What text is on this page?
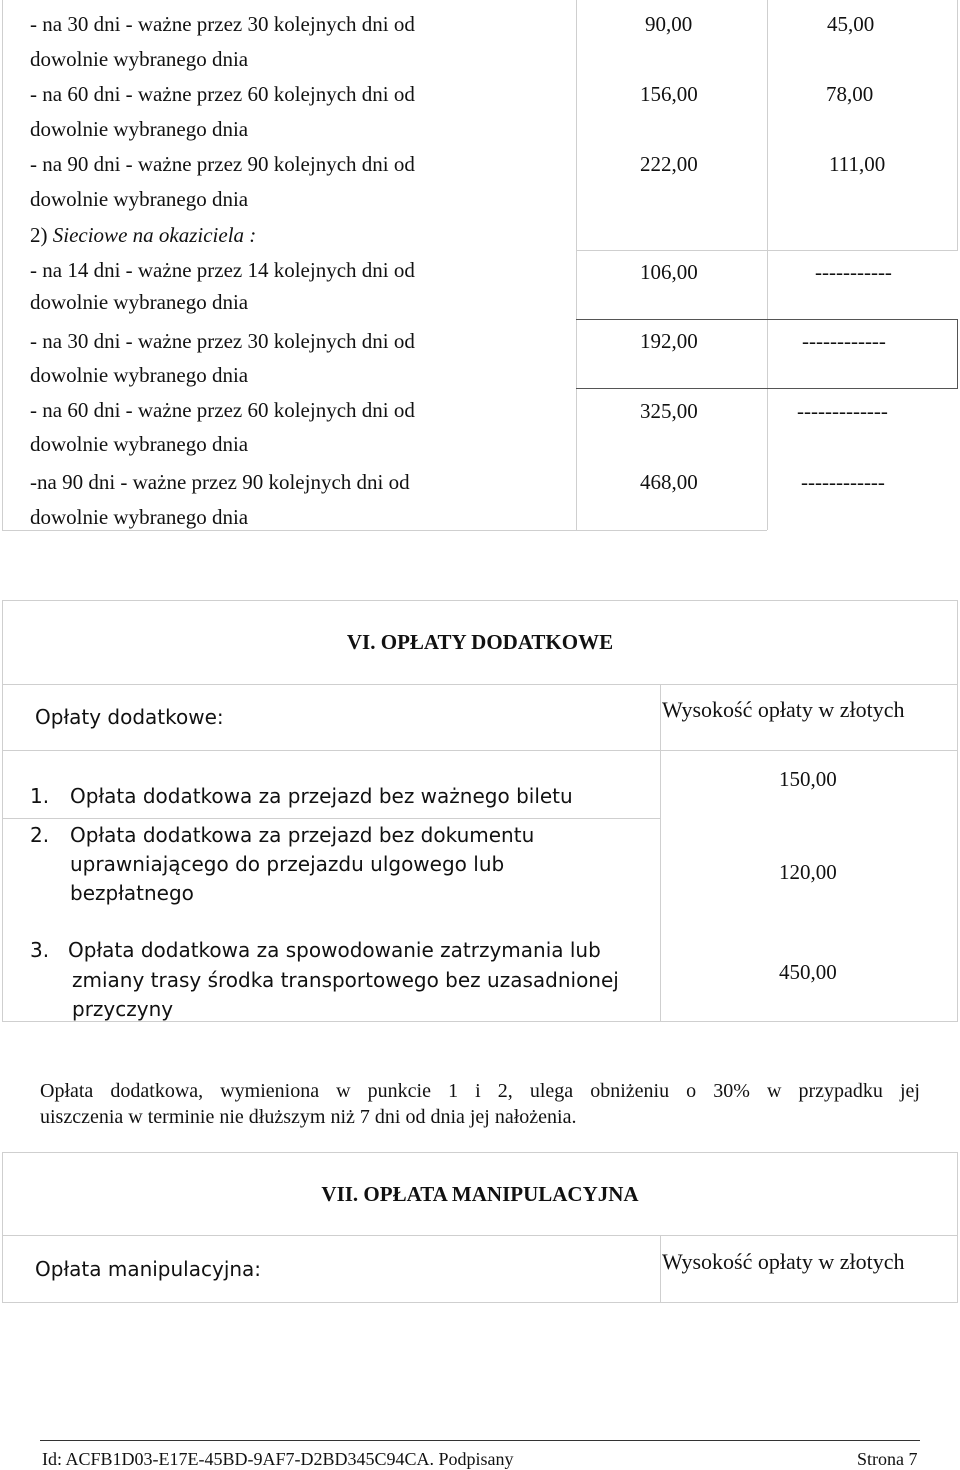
- na 30 dni - ważne przez 30 kolejnych dni od
dowolnie wybranego dnia
90,00	45,00
- na 60 dni - ważne przez 60 kolejnych dni od
dowolnie wybranego dnia
156,00	78,00
- na 90 dni - ważne przez 90 kolejnych dni od
dowolnie wybranego dnia
222,00	111,00
2) Sieciowe na okaziciela :
- na 14 dni - ważne przez 14 kolejnych dni od
dowolnie wybranego dnia
106,00	-----------
- na 30 dni - ważne przez 30 kolejnych dni od
dowolnie wybranego dnia
192,00	------------
- na 60 dni - ważne przez 60 kolejnych dni od
dowolnie wybranego dnia
325,00	-------------
-na 90 dni - ważne przez 90 kolejnych dni od
dowolnie wybranego dnia
468,00	------------
VI. OPŁATY DODATKOWE
Opłaty dodatkowe:	Wysokość opłaty w złotych
1. Opłata dodatkowa za przejazd bez ważnego biletu
150,00
2. Opłata dodatkowa za przejazd bez dokumentu
uprawniającego do przejazdu ulgowego lub
bezpłatnego
120,00
3. Opłata dodatkowa za spowodowanie zatrzymania lub
zmiany trasy środka transportowego bez uzasadnionej
przyczyny
450,00
Opłata dodatkowa, wymieniona w punkcie 1 i 2, ulega obniżeniu o 30% w przypadku jej
uiszczenia w terminie nie dłuższym niż 7 dni od dnia jej nałożenia.
VII. OPŁATA MANIPULACYJNA
Opłata manipulacyjna:	Wysokość opłaty w złotych
Id: ACFB1D03-E17E-45BD-9AF7-D2BD345C94CA. Podpisany	Strona 7
